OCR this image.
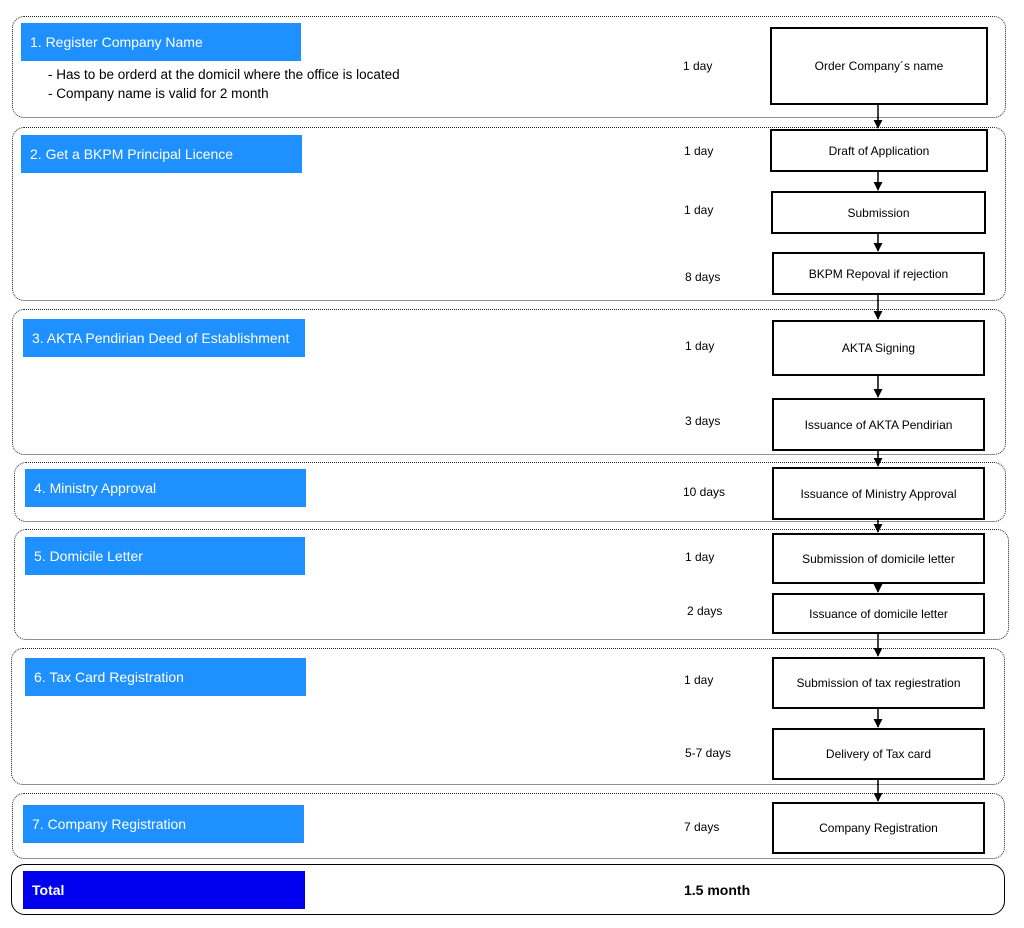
1. Register Company Name
- Has to be orderd at the domicil where the office is located
- Company name is valid for 2 month
1 day	Order Company´s name
2. Get a BKPM Principal Licence	1 day	Draft of Application
1 day	Submission
8 days	BKPM Repoval if rejection
3. AKTA Pendirian Deed of Establishment	1 day	AKTA Signing
3 days	Issuance of AKTA Pendirian
4. Ministry Approval	10 days	Issuance of Ministry Approval
5. Domicile Letter	1 day	Submission of domicile letter
2 days	Issuance of domicile letter
6. Tax Card Registration	1 day	Submission of tax regiestration
5-7 days	Delivery of Tax card
7. Company Registration	7 days	Company Registration
Total	1.5 month
